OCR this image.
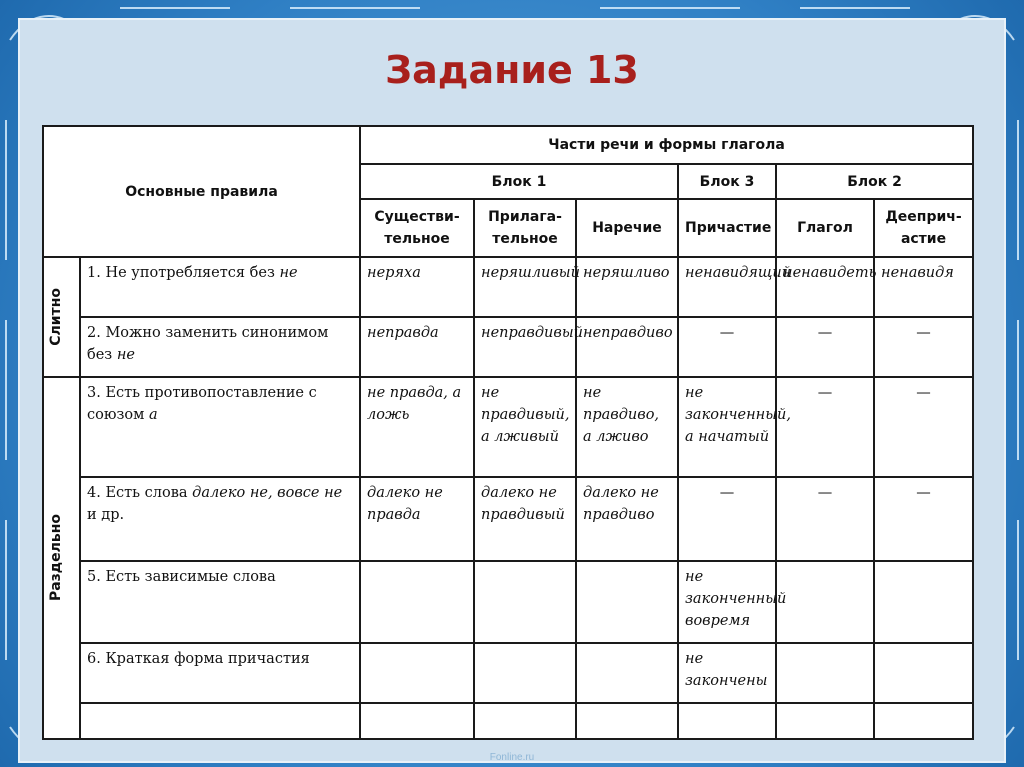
Задание 13
Основные правила		Части речи и формы глагола					
		Блок 1			Блок 3	Блок 2	
		Существи-тельное	Прилага-тельное	Наречие	Причастие	Глагол	Дееприч-астие

Слитно	1. Не употребляется без не	неряха	неряшливый	неряшливо	ненавидящий	ненавидеть	ненавидя
	2. Можно заменить синонимом без не	неправда	неправдивый	неправдиво	—	—	—

Раздельно	3. Есть противопоставление с союзом а	не правда, а ложь	не правдивый, а лживый	не правдиво, а лживо	не законченный, а начатый	—	—
	4. Есть слова далеко не, вовсе не и др.	далеко не правда	далеко не правдивый	далеко не правдиво	—	—	—
	5. Есть зависимые слова				не законченный вовремя		
	6. Краткая форма причастия				не закончены		

Fonline.ru
